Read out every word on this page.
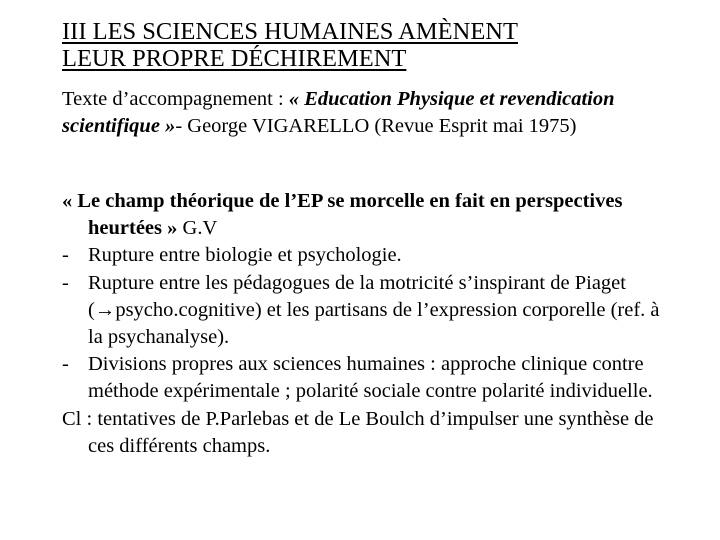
III LES SCIENCES HUMAINES AMÈNENT
LEUR PROPRE DÉCHIREMENT
Texte d’accompagnement : « Education Physique et revendication scientifique »- George VIGARELLO (Revue Esprit mai 1975)
« Le champ théorique de l’EP se morcelle en fait en perspectives heurtées » G.V
- Rupture entre biologie et psychologie.
- Rupture entre les pédagogues de la motricité s’inspirant de Piaget (→psycho.cognitive) et les partisans de l’expression corporelle (ref. à la psychanalyse).
- Divisions propres aux sciences humaines : approche clinique contre méthode expérimentale ; polarité sociale contre polarité individuelle.
Cl : tentatives de P.Parlebas et de Le Boulch d’impulser une synthèse de ces différents champs.
